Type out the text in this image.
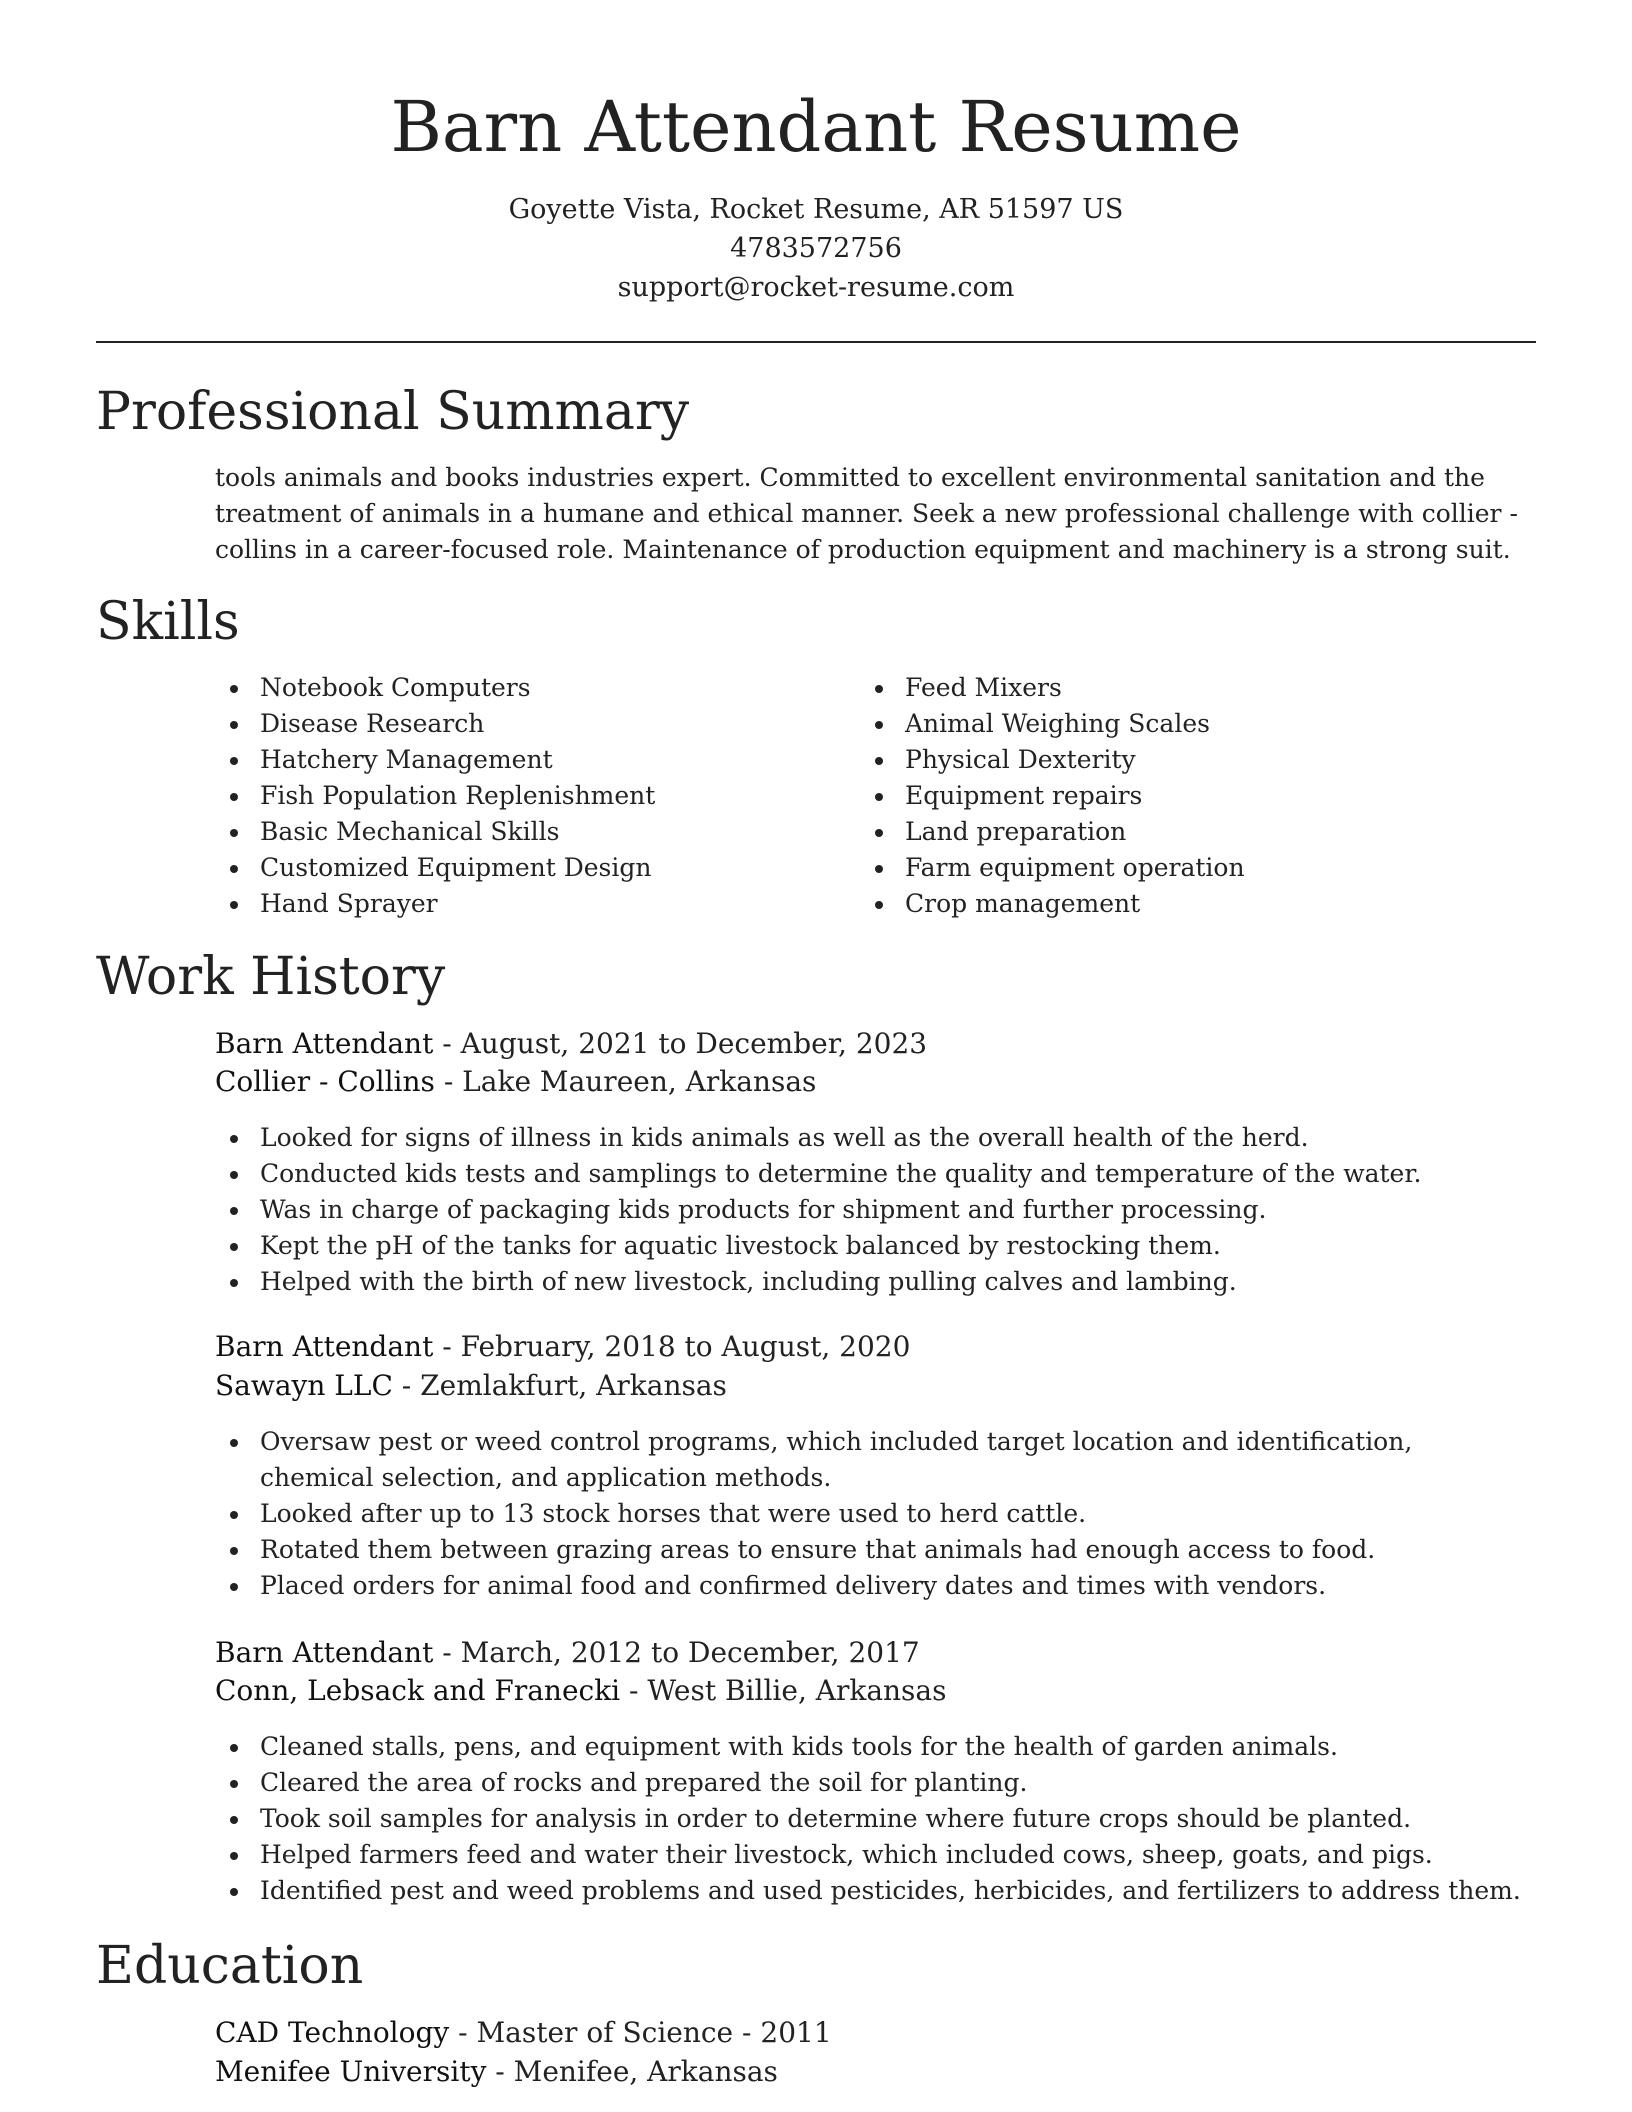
Barn Attendant Resume
Goyette Vista, Rocket Resume, AR 51597 US
4783572756
support@rocket-resume.com
Professional Summary

tools animals and books industries expert. Committed to excellent environmental sanitation and the treatment of animals in a humane and ethical manner. Seek a new professional challenge with collier - collins in a career-focused role. Maintenance of production equipment and machinery is a strong suit.

Skills
Notebook Computers
Disease Research
Hatchery Management
Fish Population Replenishment
Basic Mechanical Skills
Customized Equipment Design
Hand Sprayer
Feed Mixers
Animal Weighing Scales
Physical Dexterity
Equipment repairs
Land preparation
Farm equipment operation
Crop management
Work History

Barn Attendant - August, 2021 to December, 2023

Collier - Collins - Lake Maureen, Arkansas

Looked for signs of illness in kids animals as well as the overall health of the herd.
Conducted kids tests and samplings to determine the quality and temperature of the water.
Was in charge of packaging kids products for shipment and further processing.
Kept the pH of the tanks for aquatic livestock balanced by restocking them.
Helped with the birth of new livestock, including pulling calves and lambing.

Barn Attendant - February, 2018 to August, 2020

Sawayn LLC - Zemlakfurt, Arkansas

Oversaw pest or weed control programs, which included target location and identification, chemical selection, and application methods.
Looked after up to 13 stock horses that were used to herd cattle.
Rotated them between grazing areas to ensure that animals had enough access to food.
Placed orders for animal food and confirmed delivery dates and times with vendors.

Barn Attendant - March, 2012 to December, 2017

Conn, Lebsack and Franecki - West Billie, Arkansas

Cleaned stalls, pens, and equipment with kids tools for the health of garden animals.
Cleared the area of rocks and prepared the soil for planting.
Took soil samples for analysis in order to determine where future crops should be planted.
Helped farmers feed and water their livestock, which included cows, sheep, goats, and pigs.
Identified pest and weed problems and used pesticides, herbicides, and fertilizers to address them.
Education

CAD Technology - Master of Science - 2011

Menifee University - Menifee, Arkansas
